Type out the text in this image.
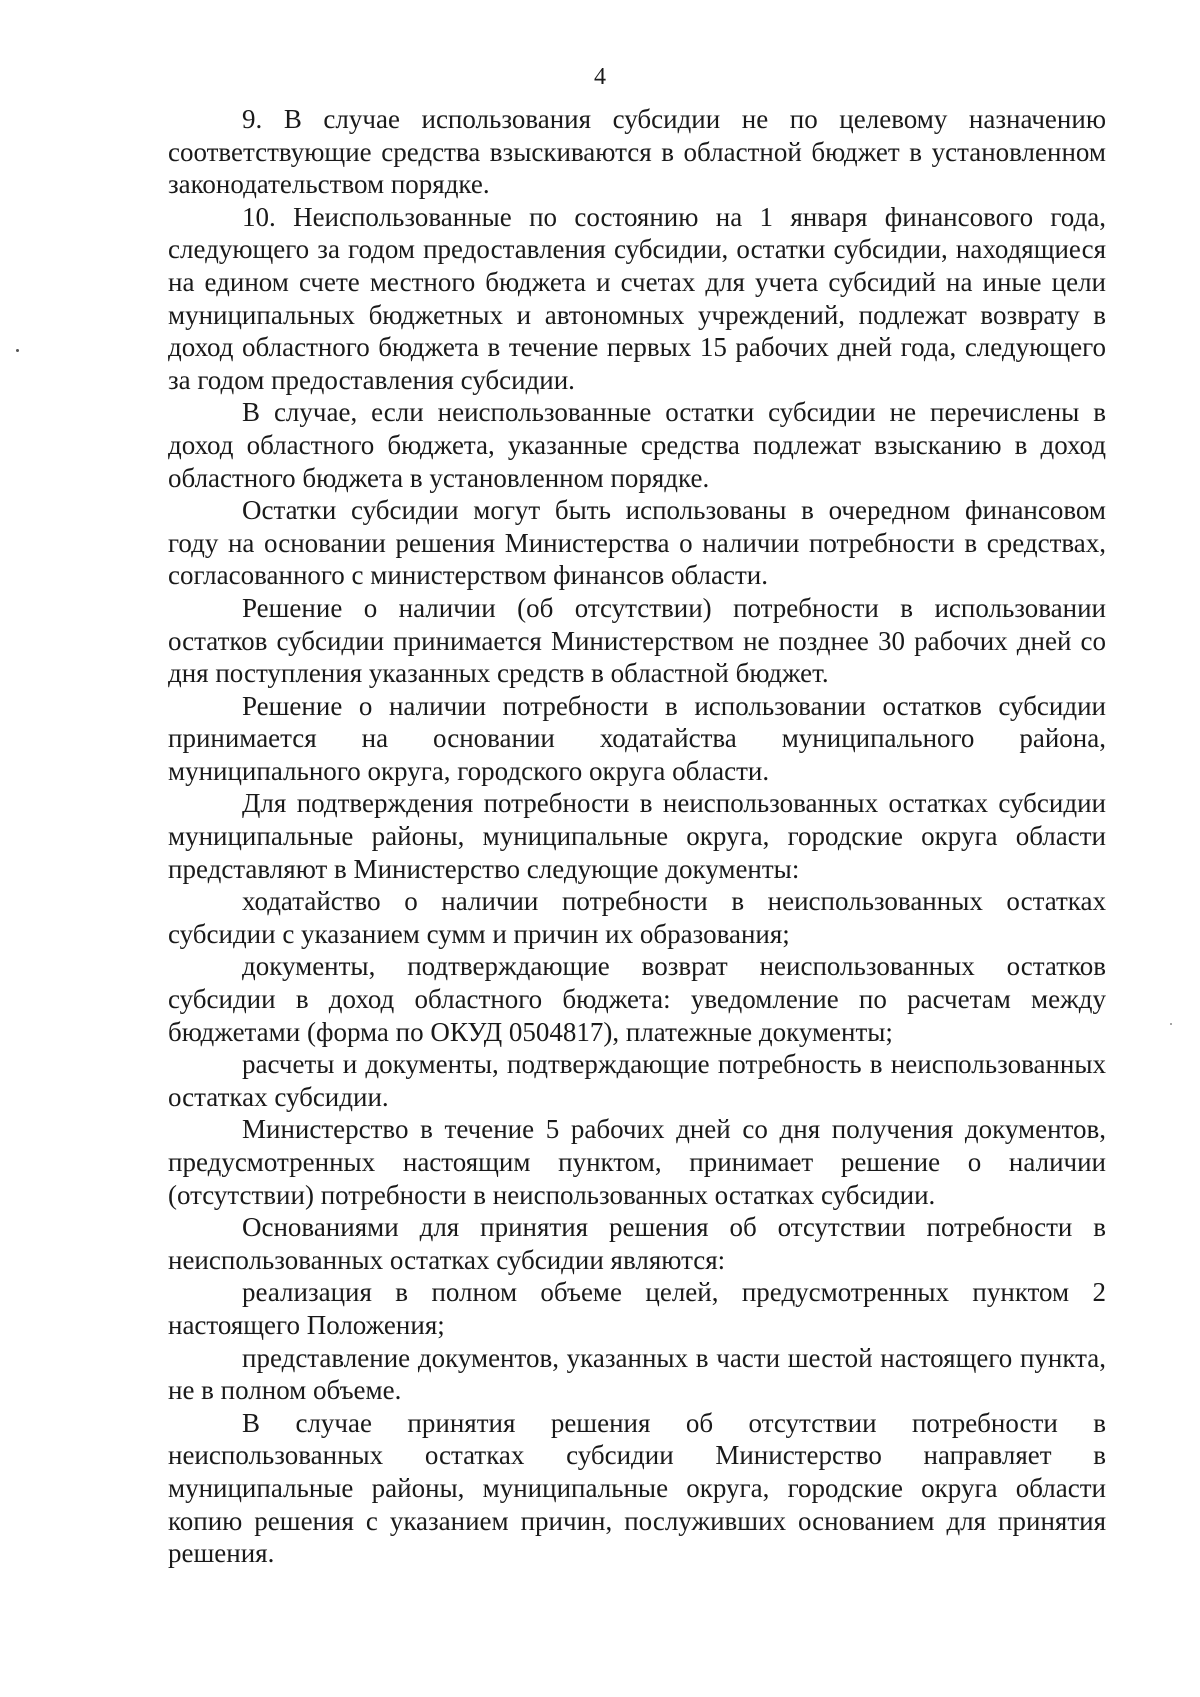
4

9. В случае использования субсидии не по целевому назначению соответствующие средства взыскиваются в областной бюджет в установленном законодательством порядке.

10. Неиспользованные по состоянию на 1 января финансового года, следующего за годом предоставления субсидии, остатки субсидии, находящиеся на едином счете местного бюджета и счетах для учета субсидий на иные цели муниципальных бюджетных и автономных учреждений, подлежат возврату в доход областного бюджета в течение первых 15 рабочих дней года, следующего за годом предоставления субсидии.

В случае, если неиспользованные остатки субсидии не перечислены в доход областного бюджета, указанные средства подлежат взысканию в доход областного бюджета в установленном порядке.

Остатки субсидии могут быть использованы в очередном финансовом году на основании решения Министерства о наличии потребности в средствах, согласованного с министерством финансов области.

Решение о наличии (об отсутствии) потребности в использовании остатков субсидии принимается Министерством не позднее 30 рабочих дней со дня поступления указанных средств в областной бюджет.

Решение о наличии потребности в использовании остатков субсидии принимается на основании ходатайства муниципального района, муниципального округа, городского округа области.

Для подтверждения потребности в неиспользованных остатках субсидии муниципальные районы, муниципальные округа, городские округа области представляют в Министерство следующие документы:

ходатайство о наличии потребности в неиспользованных остатках субсидии с указанием сумм и причин их образования;

документы, подтверждающие возврат неиспользованных остатков субсидии в доход областного бюджета: уведомление по расчетам между бюджетами (форма по ОКУД 0504817), платежные документы;

расчеты и документы, подтверждающие потребность в неиспользованных остатках субсидии.

Министерство в течение 5 рабочих дней со дня получения документов, предусмотренных настоящим пунктом, принимает решение о наличии (отсутствии) потребности в неиспользованных остатках субсидии.

Основаниями для принятия решения об отсутствии потребности в неиспользованных остатках субсидии являются:

реализация в полном объеме целей, предусмотренных пунктом 2 настоящего Положения;

представление документов, указанных в части шестой настоящего пункта, не в полном объеме.

В случае принятия решения об отсутствии потребности в неиспользованных остатках субсидии Министерство направляет в муниципальные районы, муниципальные округа, городские округа области копию решения с указанием причин, послуживших основанием для принятия решения.
